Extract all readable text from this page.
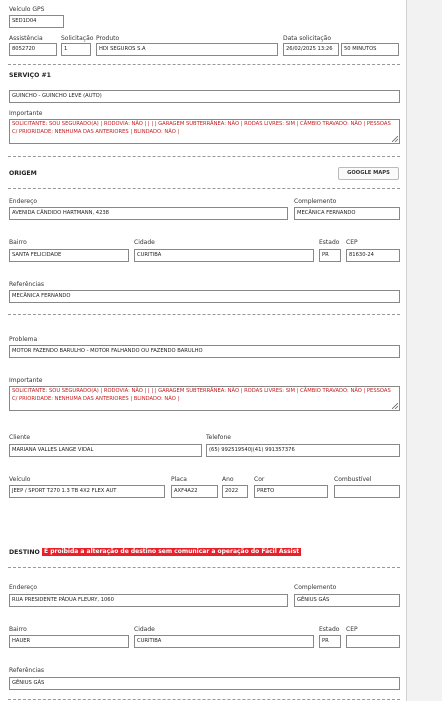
Veículo GPS
SED1D04
Assistência
8052720
Solicitação
1
Produto
HDI SEGUROS S.A
Data solicitação
26/02/2025 13:26	50 MINUTOS
SERVIÇO #1
GUINCHO - GUINCHO LEVE (AUTO)
Importante
SOLICITANTE: SOU SEGURADO(A) | RODOVIA: NÃO | | | | GARAGEM SUBTERRÂNEA: NÃO | RODAS LIVRES: SIM | CÂMBIO TRAVADO: NÃO | PESSOAS C/ PRIORIDADE: NENHUMA DAS ANTERIORES | BLINDADO: NÃO |
ORIGEM	GOOGLE MAPS
Endereço
AVENIDA CÂNDIDO HARTMANN, 4238
Complemento
MECÂNICA FERNANDO
Bairro
SANTA FELICIDADE
Cidade
CURITIBA
Estado
PR
CEP
81630-24
Referências
MECÂNICA FERNANDO
Problema
MOTOR FAZENDO BARULHO - MOTOR FALHANDO OU FAZENDO BARULHO
Importante
SOLICITANTE: SOU SEGURADO(A) | RODOVIA: NÃO | | | | GARAGEM SUBTERRÂNEA: NÃO | RODAS LIVRES: SIM | CÂMBIO TRAVADO: NÃO | PESSOAS C/ PRIORIDADE: NENHUMA DAS ANTERIORES | BLINDADO: NÃO |
Cliente
MARIANA VALLES LANGE VIDAL
Telefone
(65) 992519540|(41) 991357376
Veículo
JEEP / SPORT T270 1.3 TB 4X2 FLEX AUT
Placa
AXF4A22
Ano
2022
Cor
PRETO
Combustível
DESTINO É proibida a alteração de destino sem comunicar a operação do Fácil Assist
Endereço
RUA PRESIDENTE PÁDUA FLEURY, 1060
Complemento
GÊNIUS GÁS
Bairro
HAUER
Cidade
CURITIBA
Estado
PR
CEP
Referências
GÊNIUS GÁS
